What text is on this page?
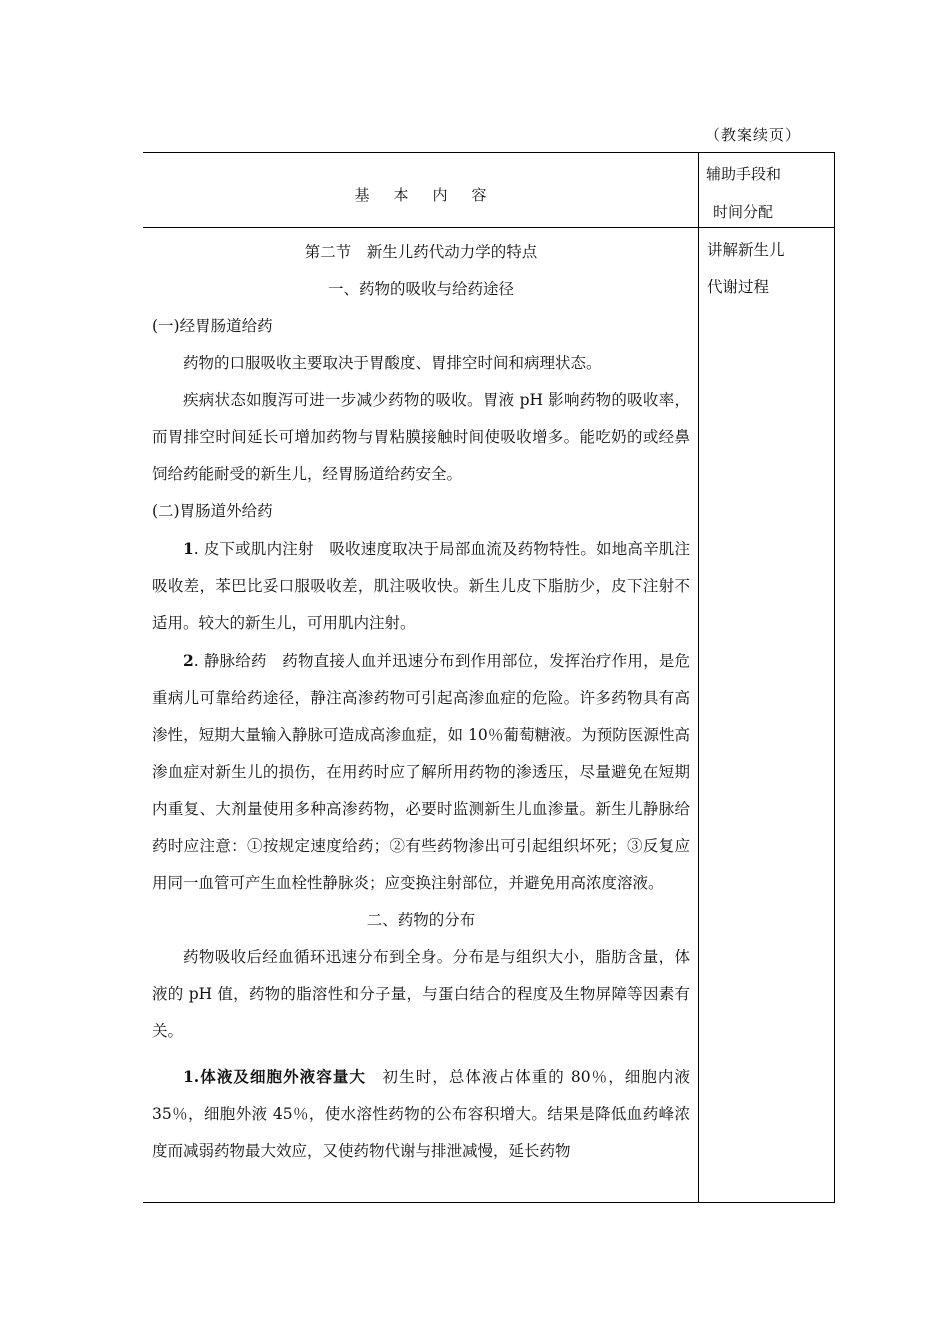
（教案续页）
基 本 内 容
辅助手段和
时间分配
讲解新生儿
代谢过程

第二节　新生儿药代动力学的特点

一、药物的吸收与给药途径

(一)经胃肠道给药

药物的口服吸收主要取决于胃酸度、胃排空时间和病理状态。

疾病状态如腹泻可进一步减少药物的吸收。胃液 pH 影响药物的吸收率，而胃排空时间延长可增加药物与胃粘膜接触时间使吸收增多。能吃奶的或经鼻饲给药能耐受的新生儿，经胃肠道给药安全。

(二)胃肠道外给药

1. 皮下或肌内注射　吸收速度取决于局部血流及药物特性。如地高辛肌注吸收差，苯巴比妥口服吸收差，肌注吸收快。新生儿皮下脂肪少，皮下注射不适用。较大的新生儿，可用肌内注射。

2. 静脉给药　药物直接人血并迅速分布到作用部位，发挥治疗作用，是危重病儿可靠给药途径，静注高渗药物可引起高渗血症的危险。许多药物具有高渗性，短期大量输入静脉可造成高渗血症，如 10％葡萄糖液。为预防医源性高渗血症对新生儿的损伤，在用药时应了解所用药物的渗透压，尽量避免在短期内重复、大剂量使用多种高渗药物，必要时监测新生儿血渗量。新生儿静脉给药时应注意：①按规定速度给药；②有些药物渗出可引起组织坏死；③反复应用同一血管可产生血栓性静脉炎；应变换注射部位，并避免用高浓度溶液。

二、药物的分布

药物吸收后经血循环迅速分布到全身。分布是与组织大小，脂肪含量，体液的 pH 值，药物的脂溶性和分子量，与蛋白结合的程度及生物屏障等因素有关。

1.体液及细胞外液容量大　初生时，总体液占体重的 80％，细胞内液 35％，细胞外液 45％，使水溶性药物的公布容积增大。结果是降低血药峰浓度而减弱药物最大效应，又使药物代谢与排泄减慢，延长药物
